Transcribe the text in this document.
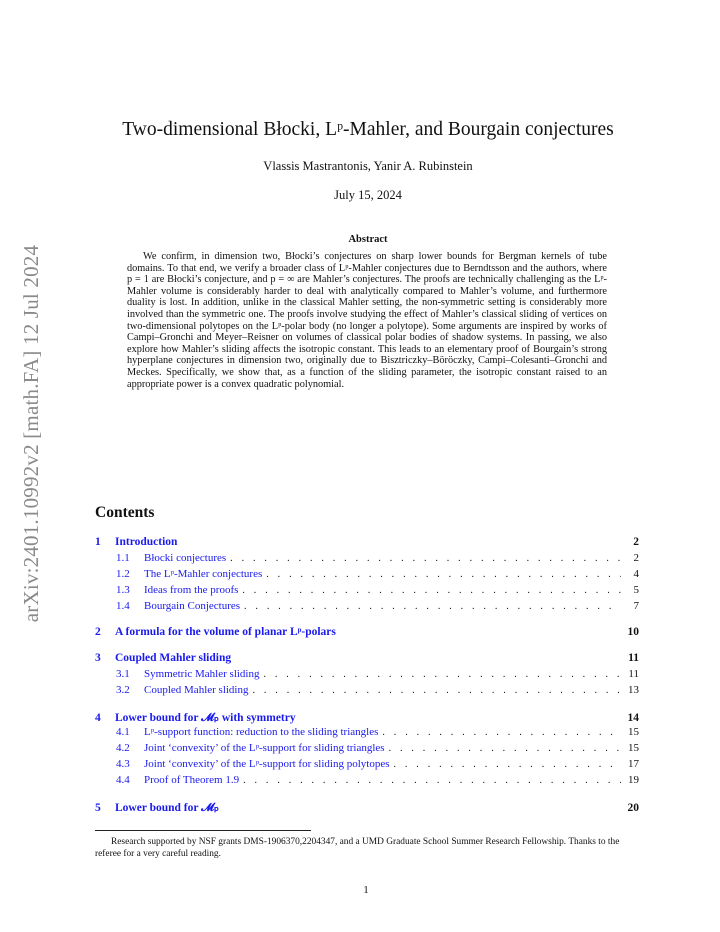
arXiv:2401.10992v2 [math.FA] 12 Jul 2024
Two-dimensional Błocki, Lᵖ-Mahler, and Bourgain conjectures
Vlassis Mastrantonis, Yanir A. Rubinstein
July 15, 2024
Abstract

We confirm, in dimension two, Błocki’s conjectures on sharp lower bounds for Bergman kernels of tube domains. To that end, we verify a broader class of Lᵖ-Mahler conjectures due to Berndtsson and the authors, where p = 1 are Błocki’s conjecture, and p = ∞ are Mahler’s conjectures. The proofs are technically challenging as the Lᵖ-Mahler volume is considerably harder to deal with analytically compared to Mahler’s volume, and furthermore duality is lost. In addition, unlike in the classical Mahler setting, the non-symmetric setting is considerably more involved than the symmetric one. The proofs involve studying the effect of Mahler’s classical sliding of vertices on two-dimensional polytopes on the Lᵖ-polar body (no longer a polytope). Some arguments are inspired by works of Campi–Gronchi and Meyer–Reisner on volumes of classical polar bodies of shadow systems. In passing, we also explore how Mahler’s sliding affects the isotropic constant. This leads to an elementary proof of Bourgain’s strong hyperplane conjectures in dimension two, originally due to Bisztriczky–Böröczky, Campi–Colesanti–Gronchi and Meckes. Specifically, we show that, as a function of the sliding parameter, the isotropic constant raised to an appropriate power is a convex quadratic polynomial.

Contents
1	Introduction	2
1.1	Błocki conjectures . . .	2
1.2	The Lᵖ-Mahler conjectures . . .	4
1.3	Ideas from the proofs . . .	5
1.4	Bourgain Conjectures . . .	7
2	A formula for the volume of planar Lᵖ-polars	10
3	Coupled Mahler sliding	11
3.1	Symmetric Mahler sliding . . .	11
3.2	Coupled Mahler sliding . . .	13
4	Lower bound for 𝓜ₚ with symmetry	14
4.1	Lᵖ-support function: reduction to the sliding triangles . . .	15
4.2	Joint ‘convexity’ of the Lᵖ-support for sliding triangles . . .	15
4.3	Joint ‘convexity’ of the Lᵖ-support for sliding polytopes . . .	17
4.4	Proof of Theorem 1.9 . . .	19
5	Lower bound for 𝓜ₚ	20

Research supported by NSF grants DMS-1906370,2204347, and a UMD Graduate School Summer Research Fellowship. Thanks to the referee for a very careful reading.

1
